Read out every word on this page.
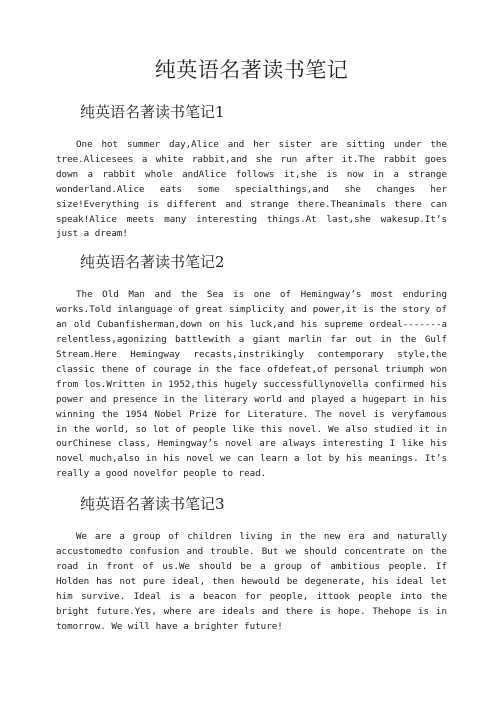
纯英语名著读书笔记
纯英语名著读书笔记1

One hot summer day,Alice and her sister are sitting under the tree.Alicesees a white rabbit,and she run after it.The rabbit goes down a rabbit whole andAlice follows it,she is now in a strange wonderland.Alice eats some specialthings,and she changes her size!Everything is different and strange there.Theanimals there can speak!Alice meets many interesting things.At last,she wakesup.It’s just a dream!

纯英语名著读书笔记2

The Old Man and the Sea is one of Hemingway’s most enduring works.Told inlanguage of great simplicity and power,it is the story of an old Cubanfisherman,down on his luck,and his supreme ordeal-------a relentless,agonizing battlewith a giant marlin far out in the Gulf Stream.Here Hemingway recasts,instrikingly contemporary style,the classic thene of courage in the face ofdefeat,of personal triumph won from los.Written in 1952,this hugely successfullynovella confirmed his power and presence in the literary world and played a hugepart in his winning the 1954 Nobel Prize for Literature. The novel is veryfamous in the world, so lot of people like this novel. We also studied it in ourChinese class, Hemingway’s novel are always interesting I like his novel much,also in his novel we can learn a lot by his meanings. It’s really a good novelfor people to read.

纯英语名著读书笔记3

We are a group of children living in the new era and naturally accustomedto confusion and trouble. But we should concentrate on the road in front of us.We should be a group of ambitious people. If Holden has not pure ideal, then hewould be degenerate, his ideal let him survive. Ideal is a beacon for people, ittook people into the bright future.Yes, where are ideals and there is hope. Thehope is in tomorrow. We will have a brighter future!
